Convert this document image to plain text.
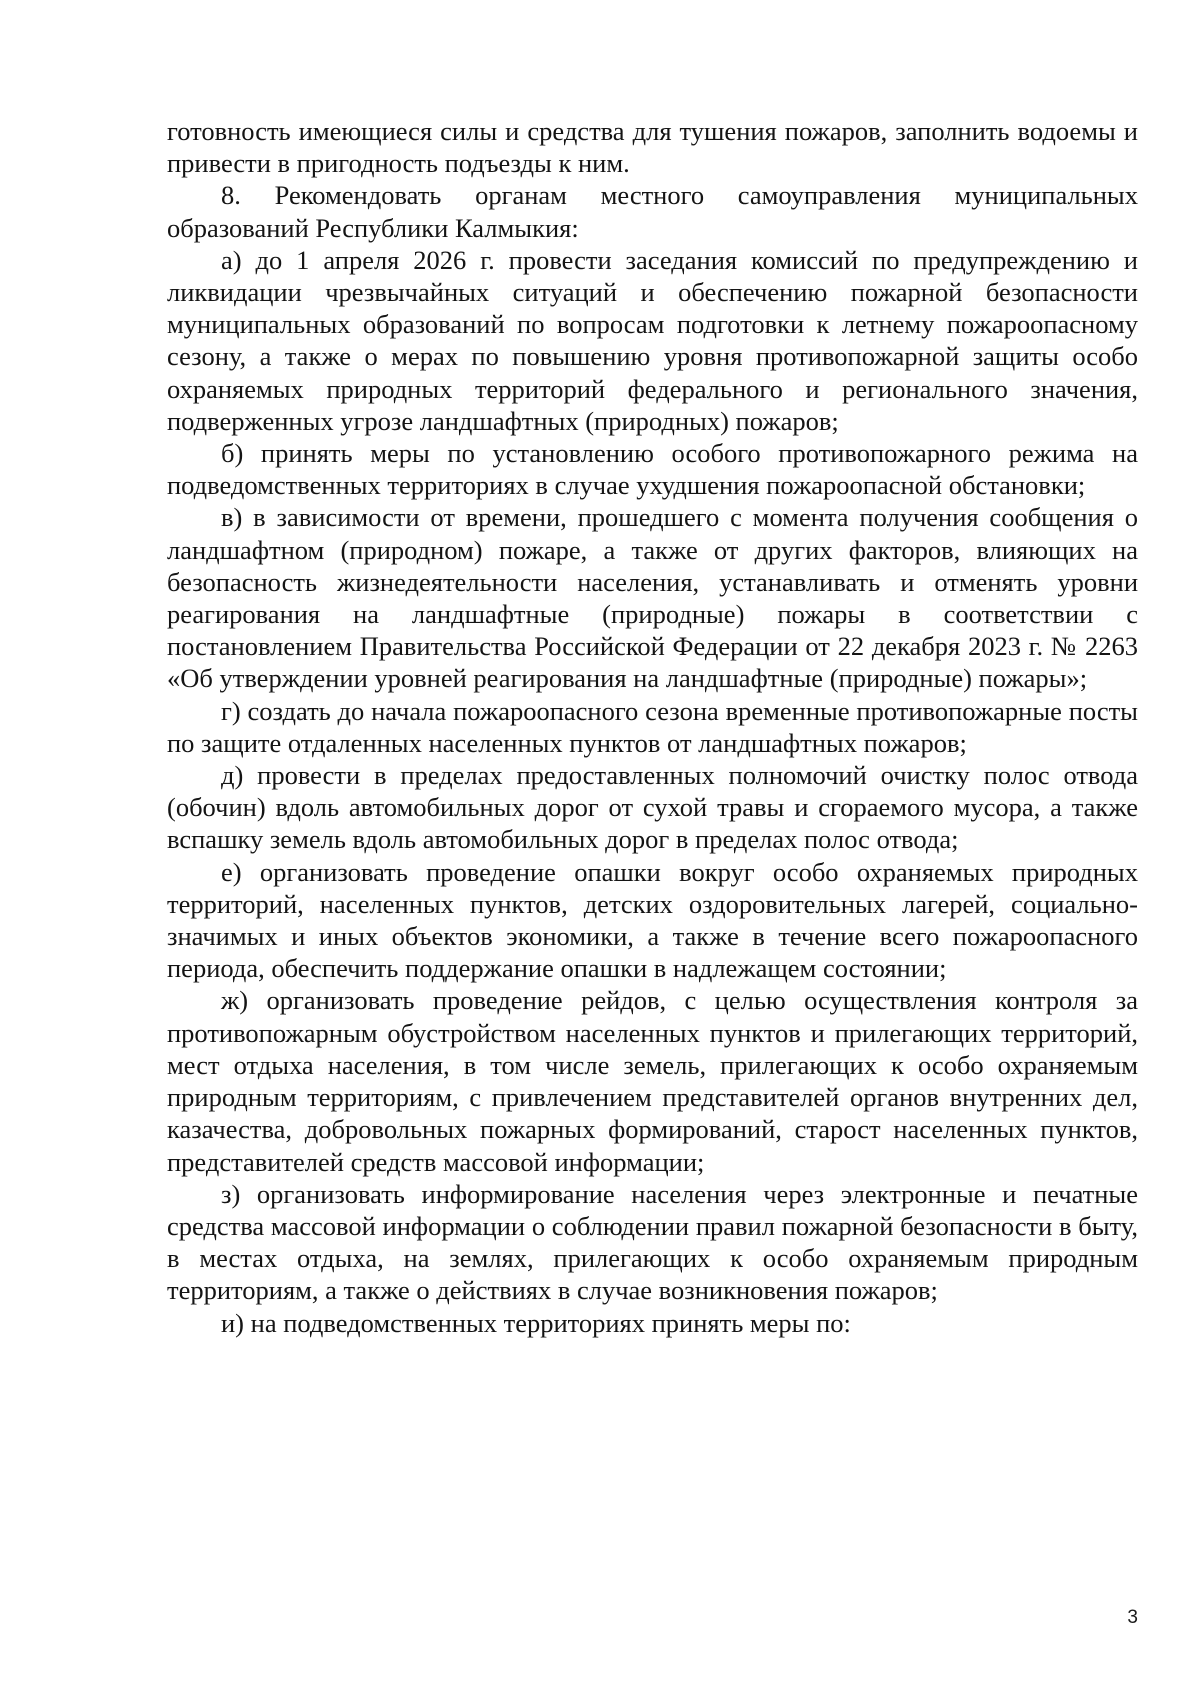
готовность имеющиеся силы и средства для тушения пожаров, заполнить водоемы и привести в пригодность подъезды к ним.

8. Рекомендовать органам местного самоуправления муниципальных образований Республики Калмыкия:

а) до 1 апреля 2026 г. провести заседания комиссий по предупреждению и ликвидации чрезвычайных ситуаций и обеспечению пожарной безопасности муниципальных образований по вопросам подготовки к летнему пожароопасному сезону, а также о мерах по повышению уровня противопожарной защиты особо охраняемых природных территорий федерального и регионального значения, подверженных угрозе ландшафтных (природных) пожаров;

б) принять меры по установлению особого противопожарного режима на подведомственных территориях в случае ухудшения пожароопасной обстановки;

в) в зависимости от времени, прошедшего с момента получения сообщения о ландшафтном (природном) пожаре, а также от других факторов, влияющих на безопасность жизнедеятельности населения, устанавливать и отменять уровни реагирования на ландшафтные (природные) пожары в соответствии с постановлением Правительства Российской Федерации от 22 декабря 2023 г. № 2263 «Об утверждении уровней реагирования на ландшафтные (природные) пожары»;

г) создать до начала пожароопасного сезона временные противопожарные посты по защите отдаленных населенных пунктов от ландшафтных пожаров;

д) провести в пределах предоставленных полномочий очистку полос отвода (обочин) вдоль автомобильных дорог от сухой травы и сгораемого мусора, а также вспашку земель вдоль автомобильных дорог в пределах полос отвода;

е) организовать проведение опашки вокруг особо охраняемых природных территорий, населенных пунктов, детских оздоровительных лагерей, социально-значимых и иных объектов экономики, а также в течение всего пожароопасного периода, обеспечить поддержание опашки в надлежащем состоянии;

ж) организовать проведение рейдов, с целью осуществления контроля за противопожарным обустройством населенных пунктов и прилегающих территорий, мест отдыха населения, в том числе земель, прилегающих к особо охраняемым природным территориям, с привлечением представителей органов внутренних дел, казачества, добровольных пожарных формирований, старост населенных пунктов, представителей средств массовой информации;

з) организовать информирование населения через электронные и печатные средства массовой информации о соблюдении правил пожарной безопасности в быту, в местах отдыха, на землях, прилегающих к особо охраняемым природным территориям, а также о действиях в случае возникновения пожаров;

и) на подведомственных территориях принять меры по:

3
